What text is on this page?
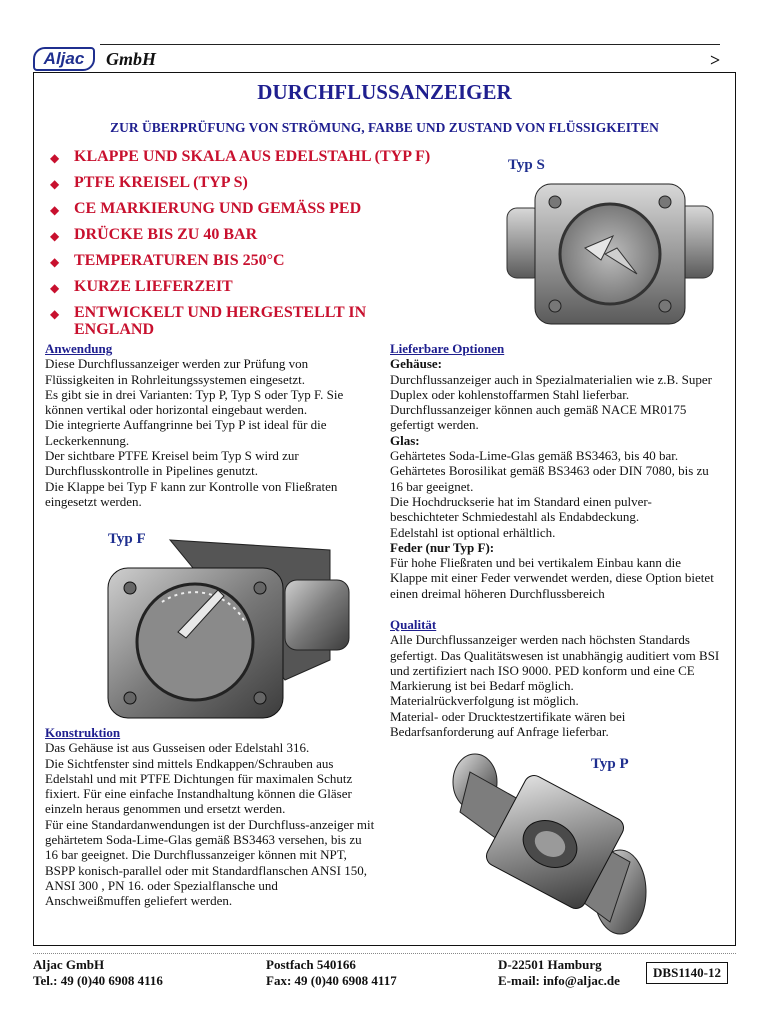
Aljac	GmbH	>
DURCHFLUSSANZEIGER
ZUR ÜBERPRÜFUNG VON STRÖMUNG, FARBE UND ZUSTAND VON FLÜSSIGKEITEN
◆ KLAPPE UND SKALA AUS EDELSTAHL (TYP F)
◆ PTFE KREISEL (TYP S)
◆ CE MARKIERUNG UND GEMÄSS PED
◆ DRÜCKE BIS ZU 40 BAR
◆ TEMPERATUREN BIS 250°C
◆ KURZE LIEFERZEIT
◆ ENTWICKELT UND HERGESTELLT IN ENGLAND
Typ S
Anwendung
Diese Durchflussanzeiger werden zur Prüfung von Flüssigkeiten in Rohrleitungssystemen eingesetzt.
Es gibt sie in drei Varianten: Typ P, Typ S oder Typ F. Sie können vertikal oder horizontal eingebaut werden.
Die integrierte Auffangrinne bei Typ P ist ideal für die Leckerkennung.
Der sichtbare PTFE Kreisel beim Typ S wird zur Durchflusskontrolle in Pipelines genutzt.
Die Klappe bei Typ F kann zur Kontrolle von Fließraten eingesetzt werden.
Typ F
Konstruktion
Das Gehäuse ist aus Gusseisen oder Edelstahl 316.
Die Sichtfenster sind mittels Endkappen/Schrauben aus Edelstahl und mit PTFE Dichtungen für maximalen Schutz fixiert. Für eine einfache Instandhaltung können die Gläser einzeln heraus genommen und ersetzt werden.
Für eine Standardanwendungen ist der Durchfluss-anzeiger mit gehärtetem Soda-Lime-Glas gemäß BS3463 versehen, bis zu 16 bar geeignet. Die Durchflussanzeiger können mit NPT, BSPP konisch-parallel oder mit Standardflanschen ANSI 150, ANSI 300 , PN 16. oder Spezialflansche und Anschweißmuffen geliefert werden.
Lieferbare Optionen
Gehäuse:
Durchflussanzeiger auch in Spezialmaterialien wie z.B. Super Duplex oder kohlenstoffarmen Stahl lieferbar. Durchflussanzeiger können auch gemäß NACE MR0175 gefertigt werden.
Glas:
Gehärtetes Soda-Lime-Glas gemäß BS3463, bis 40 bar.
Gehärtetes Borosilikat gemäß BS3463 oder DIN 7080, bis zu 16 bar geeignet.
Die Hochdruckserie hat im Standard einen pulver-beschichteter Schmiedestahl als Endabdeckung.
Edelstahl ist optional erhältlich.
Feder (nur Typ F):
Für hohe Fließraten und bei vertikalem Einbau kann die Klappe mit einer Feder verwendet werden, diese Option bietet einen dreimal höheren Durchflussbereich
Qualität
Alle Durchflussanzeiger werden nach höchsten Standards gefertigt. Das Qualitätswesen ist unabhängig auditiert vom BSI und zertifiziert nach ISO 9000. PED konform und eine CE Markierung ist bei Bedarf möglich.
Materialrückverfolgung ist möglich.
Material- oder Drucktestzertifikate wären bei Bedarfsanforderung auf Anfrage lieferbar.
Typ P
Aljac GmbH
Tel.: 49 (0)40 6908 4116
Postfach 540166
Fax: 49 (0)40 6908 4117
D-22501 Hamburg
E-mail: info@aljac.de
DBS1140-12
